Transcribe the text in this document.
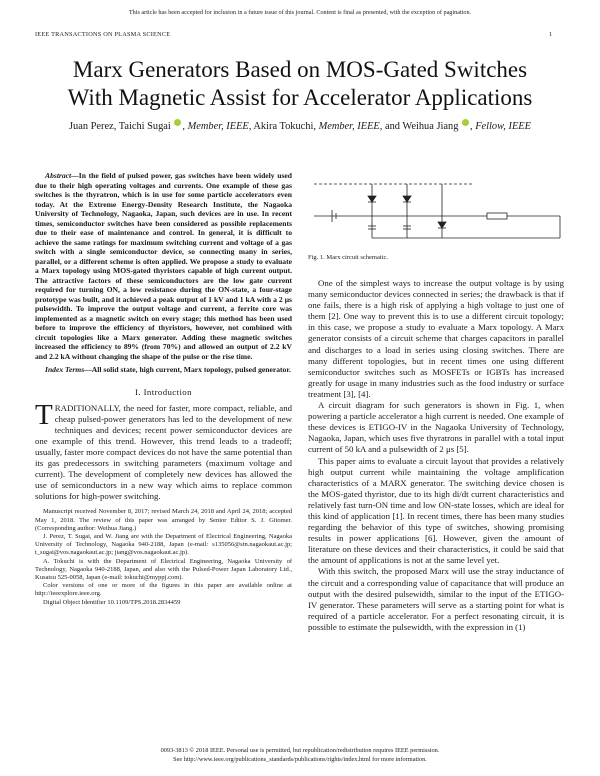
This article has been accepted for inclusion in a future issue of this journal. Content is final as presented, with the exception of pagination.
IEEE TRANSACTIONS ON PLASMA SCIENCE	1
Marx Generators Based on MOS-Gated Switches
With Magnetic Assist for Accelerator Applications
Juan Perez, Taichi Sugai , Member, IEEE, Akira Tokuchi, Member, IEEE, and Weihua Jiang , Fellow, IEEE

Abstract—In the field of pulsed power, gas switches have been widely used due to their high operating voltages and currents. One example of these gas switches is the thyratron, which is in use for some particle accelerators even today. At the Extreme Energy-Density Research Institute, the Nagaoka University of Technology, Nagaoka, Japan, such devices are in use. In recent times, semiconductor switches have been considered as possible replacements due to their ease of maintenance and control. In general, it is difficult to achieve the same ratings for maximum switching current and voltage of a gas switch with a single semiconductor device, so connecting many in series, parallel, or a different scheme is often applied. We propose a study to evaluate a Marx topology using MOS-gated thyristors capable of high current output. The attractive factors of these semiconductors are the low gate current required for turning ON, a low resistance during the ON-state, a four-stage prototype was built, and it achieved a peak output of 1 kV and 1 kA with a 2 μs pulsewidth. To improve the output voltage and current, a ferrite core was implemented as a magnetic switch on every stage; this method has been used before to improve the efficiency of thyristors, however, not combined with circuit topologies like a Marx generator. Adding these magnetic switches increased the efficiency to 89% (from 70%) and allowed an output of 2.2 kV and 2.2 kA without changing the shape of the pulse or the rise time.

Index Terms—All solid state, high current, Marx topology, pulsed generator.

I. Introduction

TRADITIONALLY, the need for faster, more compact, reliable, and cheap pulsed-power generators has led to the development of new techniques and devices; recent power semiconductor devices are one example of this trend. However, this trend leads to a tradeoff; usually, faster more compact devices do not have the same potential than its gas predecessors in switching parameters (maximum voltage and current). The development of completely new devices has allowed the use of semiconductors in a new way which aims to replace common solutions for high-power switching.

Manuscript received November 8, 2017; revised March 24, 2018 and April 24, 2018; accepted May 1, 2018. The review of this paper was arranged by Senior Editor S. J. Gitomer. (Corresponding author: Weihua Jiang.)

J. Perez, T. Sugai, and W. Jiang are with the Department of Electrical Engineering, Nagaoka University of Technology, Nagaoka 940-2188, Japan (e-mail: s135056@stn.nagaokaut.ac.jp; t_sugai@vos.nagaokaut.ac.jp; jiang@vos.nagaokaut.ac.jp).

A. Tokuchi is with the Department of Electrical Engineering, Nagaoka University of Technology, Nagaoka 940-2188, Japan, and also with the Pulsed-Power Japan Laboratory Ltd., Kusatsu 525-0058, Japan (e-mail: tokuchi@myppj.com).

Color versions of one or more of the figures in this paper are available online at http://ieeexplore.ieee.org.

Digital Object Identifier 10.1109/TPS.2018.2834459

Fig. 1. Marx circuit schematic.

One of the simplest ways to increase the output voltage is by using many semiconductor devices connected in series; the drawback is that if one fails, there is a high risk of applying a high voltage to just one of them [2]. One way to prevent this is to use a different circuit topology; in this case, we propose a study to evaluate a Marx topology. A Marx generator consists of a circuit scheme that charges capacitors in parallel and discharges to a load in series using closing switches. There are many different topologies, but in recent times one using different semiconductor switches such as MOSFETs or IGBTs has increased greatly for usage in many industries such as the food industry or surface treatment [3], [4].

A circuit diagram for such generators is shown in Fig. 1, when powering a particle accelerator a high current is needed. One example of these devices is ETIGO-IV in the Nagaoka University of Technology, Nagaoka, Japan, which uses five thyratrons in parallel with a total input current of 50 kA and a pulsewidth of 2 μs [5].

This paper aims to evaluate a circuit layout that provides a relatively high output current while maintaining the voltage amplification characteristics of a MARX generator. The switching device chosen is the MOS-gated thyristor, due to its high di/dt current characteristics and relatively fast turn-ON time and low ON-state losses, which are ideal for this kind of application [1]. In recent times, there has been many studies regarding the behavior of this type of switches, showing promising results in power applications [6]. However, given the amount of literature on these devices and their characteristics, it could be said that the amount of applications is not at the same level yet.

With this switch, the proposed Marx will use the stray inductance of the circuit and a corresponding value of capacitance that will produce an output with the desired pulsewidth, similar to the input of the ETIGO-IV generator. These parameters will serve as a starting point for what is required of a particle accelerator. For a perfect resonating circuit, it is possible to estimate the pulsewidth, with the expression in (1)

0093-3813 © 2018 IEEE. Personal use is permitted, but republication/redistribution requires IEEE permission.
See http://www.ieee.org/publications_standards/publications/rights/index.html for more information.
